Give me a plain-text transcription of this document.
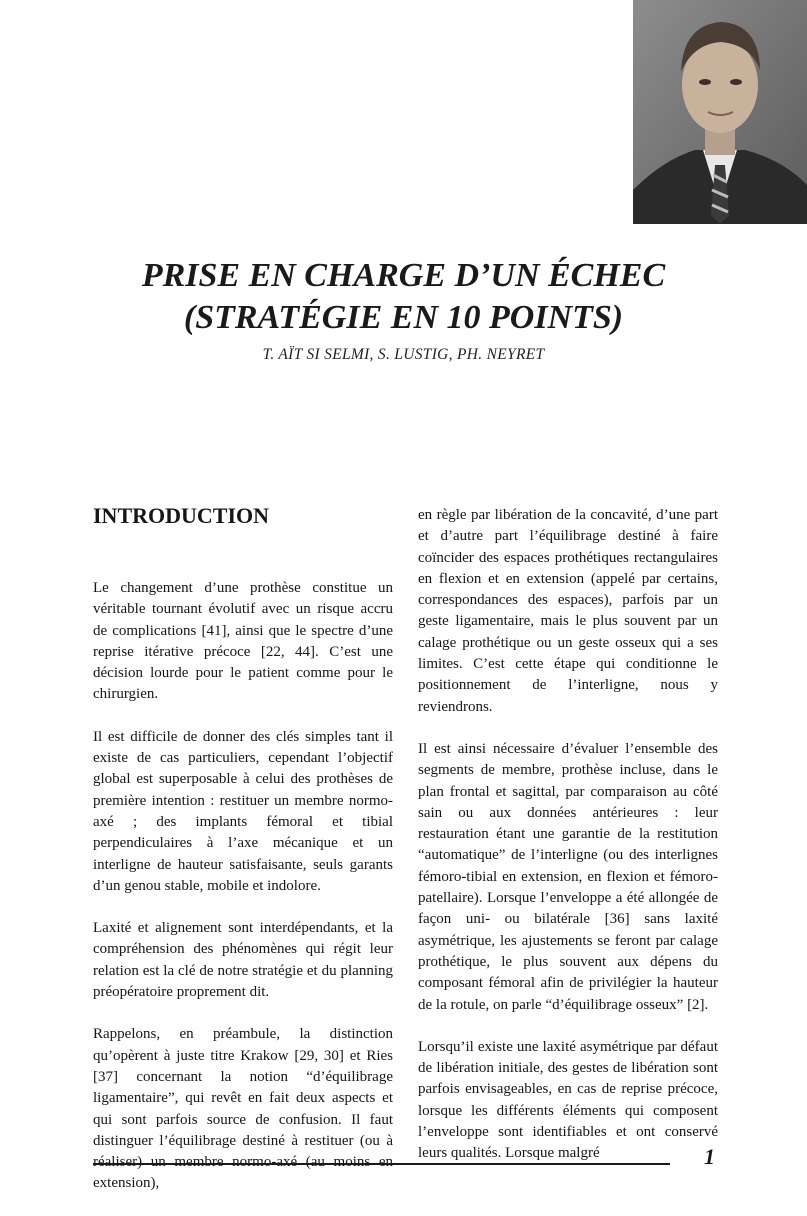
PRISE EN CHARGE D’UN ÉCHEC
(STRATÉGIE EN 10 POINTS)
T. AÏT SI SELMI, S. LUSTIG, PH. NEYRET
INTRODUCTION

Le changement d’une prothèse constitue un véritable tournant évolutif avec un risque accru de complications [41], ainsi que le spectre d’une reprise itérative précoce [22, 44]. C’est une décision lourde pour le patient comme pour le chirurgien.

Il est difficile de donner des clés simples tant il existe de cas particuliers, cependant l’objectif global est superposable à celui des prothèses de première intention : restituer un membre normo-axé ; des implants fémoral et tibial perpendiculaires à l’axe mécanique et un interligne de hauteur satisfaisante, seuls garants d’un genou stable, mobile et indolore.

Laxité et alignement sont interdépendants, et la compréhension des phénomènes qui régit leur relation est la clé de notre stratégie et du planning préopératoire proprement dit.

Rappelons, en préambule, la distinction qu’opèrent à juste titre Krakow [29, 30] et Ries [37] concernant la notion “d’équilibrage ligamentaire”, qui revêt en fait deux aspects et qui sont parfois source de confusion. Il faut distinguer l’équilibrage destiné à restituer (ou à extension),

en règle par libération de la concavité, d’une part et d’autre part l’équilibrage destiné à faire coïncider des espaces prothétiques rectangulaires en flexion et en extension (appelé par certains, correspondances des espaces), parfois par un geste ligamentaire, mais le plus souvent par un calage prothétique ou un geste osseux qui a ses limites. C’est cette étape qui conditionne le positionnement de l’interligne, nous y reviendrons.

Il est ainsi nécessaire d’évaluer l’ensemble des segments de membre, prothèse incluse, dans le plan frontal et sagittal, par comparaison au côté sain ou aux données antérieures : leur restauration étant une garantie de la restitution “automatique” de l’interligne (ou des interlignes fémoro-tibial en extension, en flexion et fémoro-patellaire). Lorsque l’enveloppe a été allongée de façon uni- ou bilatérale [36] sans laxité asymétrique, les ajustements se feront par calage prothétique, le plus souvent aux dépens du composant fémoral afin de privilégier la hauteur de la rotule, on parle “d’équilibrage osseux” [2].

Lorsqu’il existe une laxité asymétrique par défaut de libération initiale, des gestes de libération sont parfois envisageables, en cas de reprise précoce, lorsque les différents éléments qui composent l’enveloppe sont identifiables et ont conservé leurs qualités. Lorsque malgré	1
